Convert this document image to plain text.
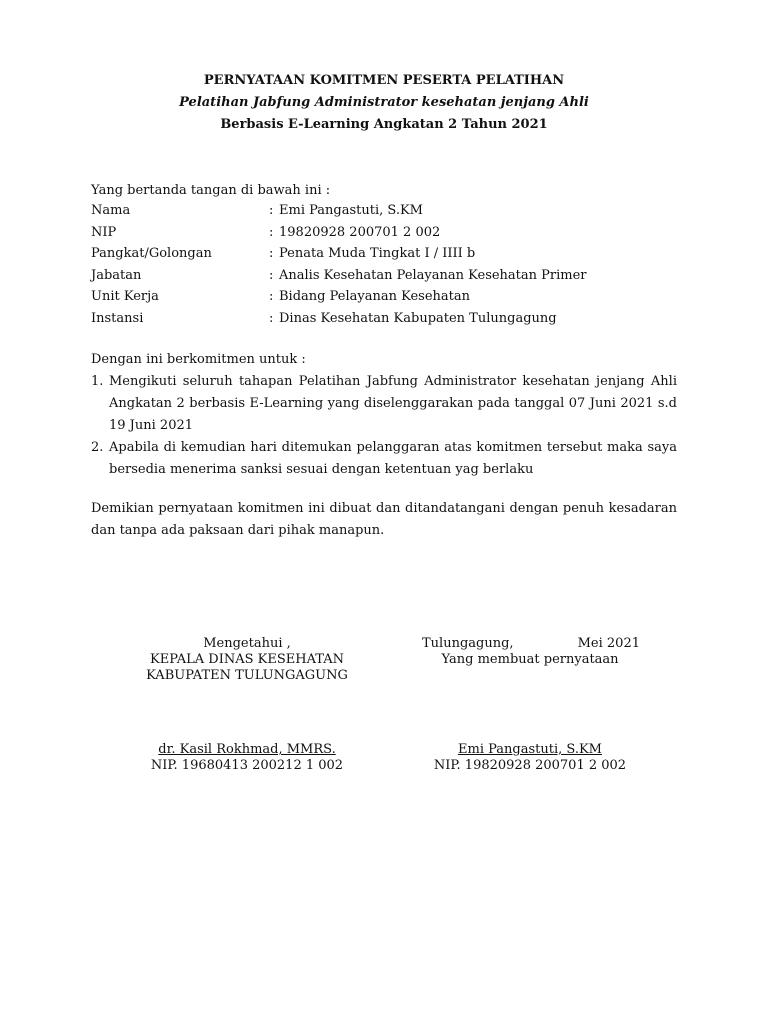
PERNYATAAN KOMITMEN PESERTA PELATIHAN
Pelatihan Jabfung Administrator kesehatan jenjang Ahli
Berbasis E-Learning Angkatan 2 Tahun 2021
Yang bertanda tangan di bawah ini :
Nama	: Emi Pangastuti, S.KM
NIP	: 19820928 200701 2 002
Pangkat/Golongan	: Penata Muda Tingkat I / IIII b
Jabatan	: Analis Kesehatan Pelayanan Kesehatan Primer
Unit Kerja	: Bidang Pelayanan Kesehatan
Instansi	: Dinas Kesehatan Kabupaten Tulungagung
Dengan ini berkomitmen untuk :
1. Mengikuti seluruh tahapan Pelatihan Jabfung Administrator kesehatan jenjang Ahli Angkatan 2 berbasis E-Learning yang diselenggarakan pada tanggal 07 Juni 2021 s.d 19 Juni 2021
2. Apabila di kemudian hari ditemukan pelanggaran atas komitmen tersebut maka saya bersedia menerima sanksi sesuai dengan ketentuan yag berlaku
Demikian pernyataan komitmen ini dibuat dan ditandatangani dengan penuh kesadaran dan tanpa ada paksaan dari pihak manapun.
Mengetahui ,
KEPALA DINAS KESEHATAN
KABUPATEN TULUNGAGUNG
dr. Kasil Rokhmad, MMRS.
NIP. 19680413 200212 1 002
Tulungagung,	Mei 2021
Yang membuat pernyataan
Emi Pangastuti, S.KM
NIP. 19820928 200701 2 002
